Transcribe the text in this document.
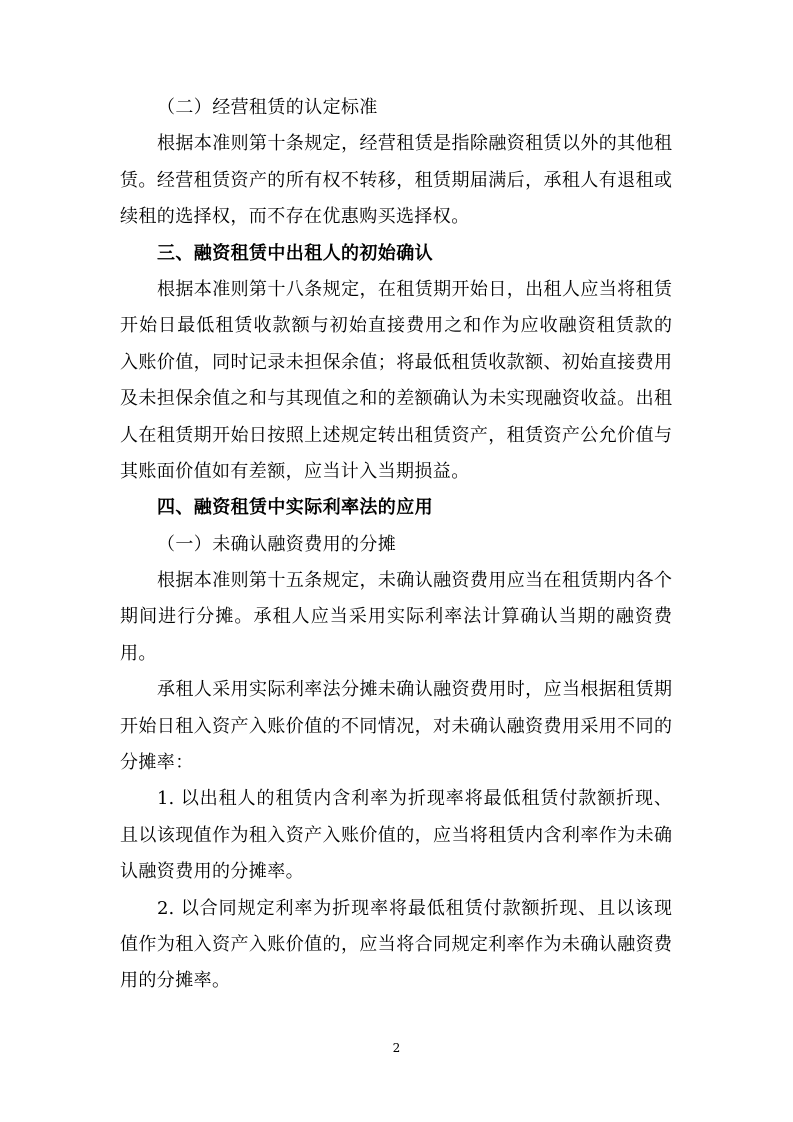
（二）经营租赁的认定标准
根据本准则第十条规定，经营租赁是指除融资租赁以外的其他租
赁。经营租赁资产的所有权不转移，租赁期届满后，承租人有退租或
续租的选择权，而不存在优惠购买选择权。
三、融资租赁中出租人的初始确认
根据本准则第十八条规定，在租赁期开始日，出租人应当将租赁
开始日最低租赁收款额与初始直接费用之和作为应收融资租赁款的
入账价值，同时记录未担保余值；将最低租赁收款额、初始直接费用
及未担保余值之和与其现值之和的差额确认为未实现融资收益。出租
人在租赁期开始日按照上述规定转出租赁资产，租赁资产公允价值与
其账面价值如有差额，应当计入当期损益。
四、融资租赁中实际利率法的应用
（一）未确认融资费用的分摊
根据本准则第十五条规定，未确认融资费用应当在租赁期内各个
期间进行分摊。承租人应当采用实际利率法计算确认当期的融资费
用。
承租人采用实际利率法分摊未确认融资费用时，应当根据租赁期
开始日租入资产入账价值的不同情况，对未确认融资费用采用不同的
分摊率：
1. 以出租人的租赁内含利率为折现率将最低租赁付款额折现、
且以该现值作为租入资产入账价值的，应当将租赁内含利率作为未确
认融资费用的分摊率。
2. 以合同规定利率为折现率将最低租赁付款额折现、且以该现
值作为租入资产入账价值的，应当将合同规定利率作为未确认融资费
用的分摊率。
2
